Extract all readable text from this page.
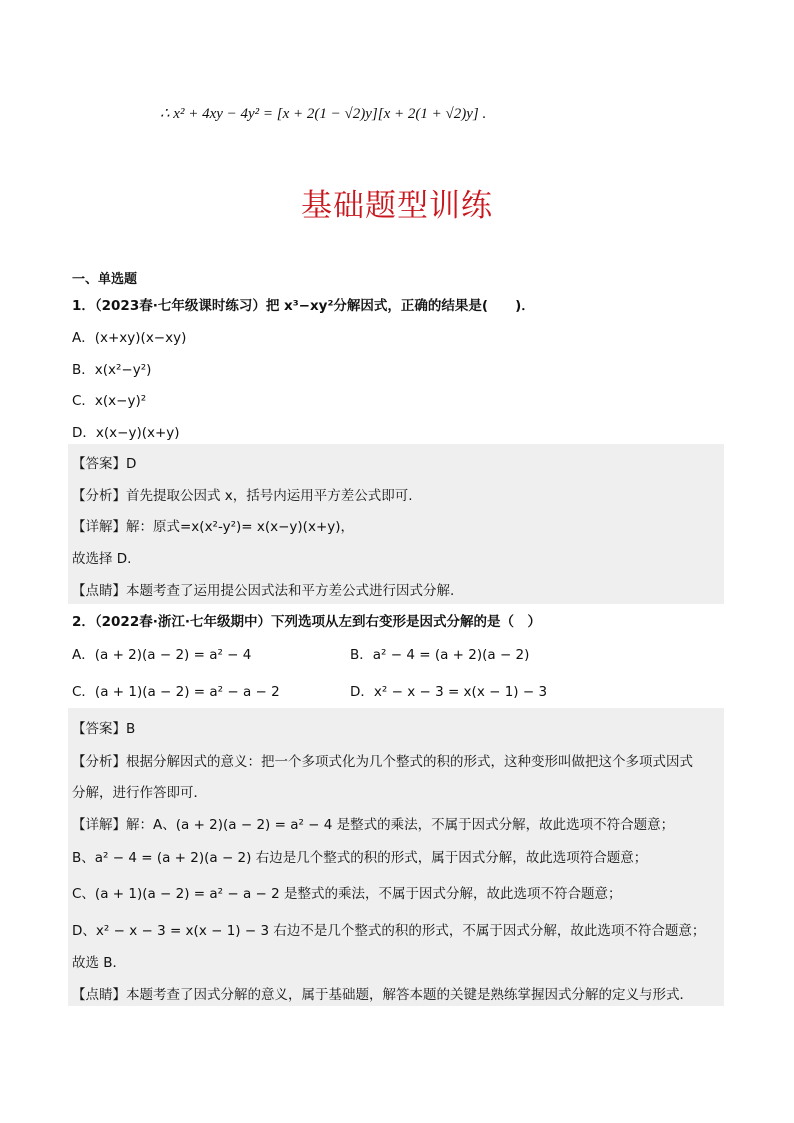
∴ x² + 4xy − 4y² = [x + 2(1 − √2)y][x + 2(1 + √2)y] .
基础题型训练
一、单选题
1．（2023春·七年级课时练习）把 x³−xy²分解因式，正确的结果是(　　)．
A．(x+xy)(x−xy)
B．x(x²−y²)
C．x(x−y)²
D．x(x−y)(x+y)
【答案】D
【分析】首先提取公因式 x，括号内运用平方差公式即可.
【详解】解：原式=x(x²-y²)= x(x−y)(x+y)，
故选择 D.
【点睛】本题考查了运用提公因式法和平方差公式进行因式分解.
2．（2022春·浙江·七年级期中）下列选项从左到右变形是因式分解的是（　）
A．(a + 2)(a − 2) = a² − 4	B．a² − 4 = (a + 2)(a − 2)
C．(a + 1)(a − 2) = a² − a − 2	D．x² − x − 3 = x(x − 1) − 3
【答案】B
【分析】根据分解因式的意义：把一个多项式化为几个整式的积的形式，这种变形叫做把这个多项式因式
分解，进行作答即可．
【详解】解：A、(a + 2)(a − 2) = a² − 4 是整式的乘法，不属于因式分解，故此选项不符合题意；
B、a² − 4 = (a + 2)(a − 2) 右边是几个整式的积的形式，属于因式分解，故此选项符合题意；
C、(a + 1)(a − 2) = a² − a − 2 是整式的乘法，不属于因式分解，故此选项不符合题意；
D、x² − x − 3 = x(x − 1) − 3 右边不是几个整式的积的形式，不属于因式分解，故此选项不符合题意；
故选 B．
【点睛】本题考查了因式分解的意义，属于基础题，解答本题的关键是熟练掌握因式分解的定义与形式．
